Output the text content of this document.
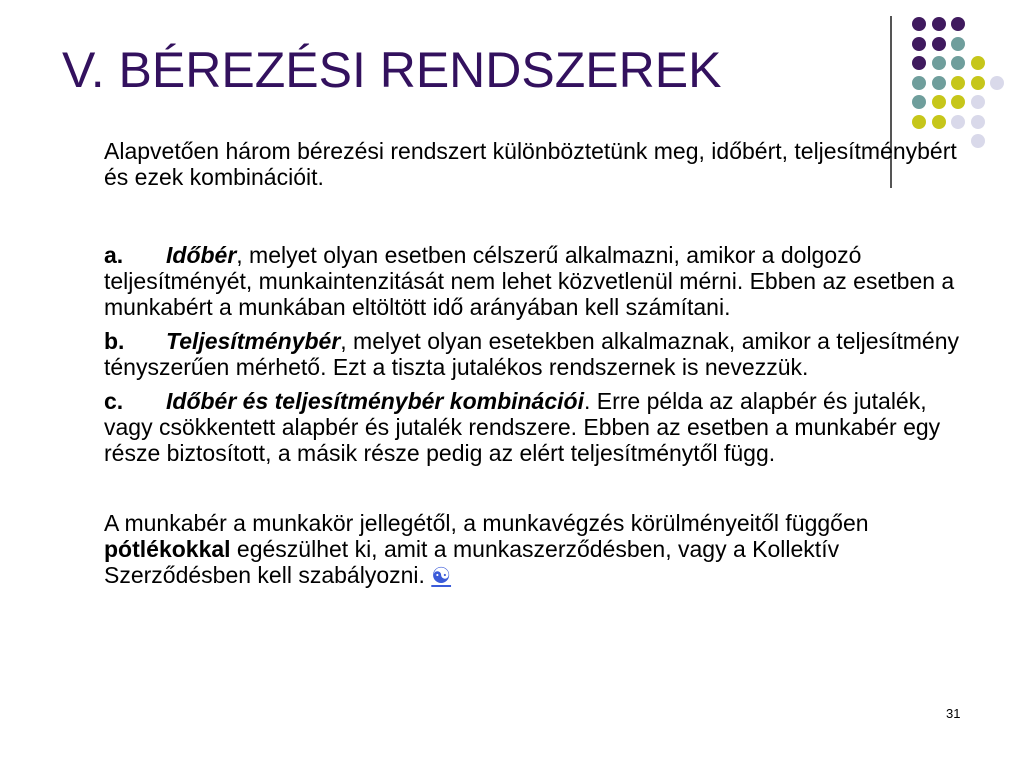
V. BÉREZÉSI RENDSZEREK

Alapvetően három bérezési rendszert különböztetünk meg, időbért, teljesítménybért és ezek kombinációit.

a. Időbér, melyet olyan esetben célszerű alkalmazni, amikor a dolgozó teljesítményét, munkaintenzitását nem lehet közvetlenül mérni. Ebben az esetben a munkabért a munkában eltöltött idő arányában kell számítani.

b. Teljesítménybér, melyet olyan esetekben alkalmaznak, amikor a teljesítmény tényszerűen mérhető. Ezt a tiszta jutalékos rendszernek is nevezzük.

c. Időbér és teljesítménybér kombinációi. Erre példa az alapbér és jutalék, vagy csökkentett alapbér és jutalék rendszere. Ebben az esetben a munkabér egy része biztosított, a másik része pedig az elért teljesítménytől függ.

A munkabér a munkakör jellegétől, a munkavégzés körülményeitől függően pótlékokkal egészülhet ki, amit a munkaszerződésben, vagy a Kollektív Szerződésben kell szabályozni. ☯

31
